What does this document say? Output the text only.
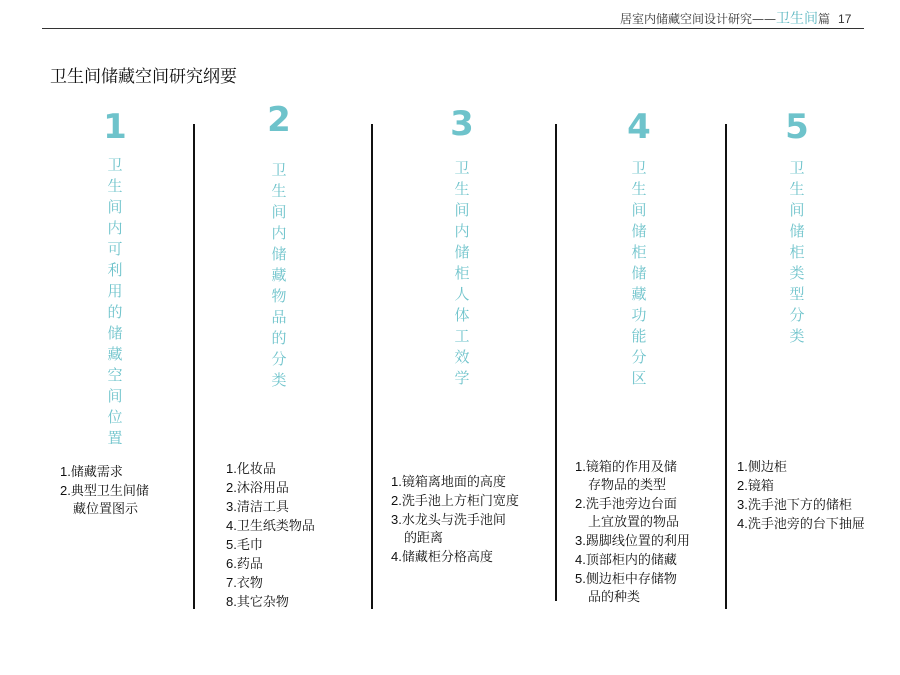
居室内储藏空间设计研究——卫生间篇 17
卫生间储藏空间研究纲要
1
卫
生
间
内
可
利
用
的
储
藏
空
间
位
置
1.储藏需求
2.典型卫生间储
藏位置图示
2
卫
生
间
内
储
藏
物
品
的
分
类
1.化妆品
2.沐浴用品
3.清洁工具
4.卫生纸类物品
5.毛巾
6.药品
7.衣物
8.其它杂物
3
卫
生
间
内
储
柜
人
体
工
效
学
1.镜箱离地面的高度
2.洗手池上方柜门宽度
3.水龙头与洗手池间
的距离
4.储藏柜分格高度
4
卫
生
间
储
柜
储
藏
功
能
分
区
1.镜箱的作用及储
存物品的类型
2.洗手池旁边台面
上宜放置的物品
3.踢脚线位置的利用
4.顶部柜内的储藏
5.侧边柜中存储物
品的种类
5
卫
生
间
储
柜
类
型
分
类
1.侧边柜
2.镜箱
3.洗手池下方的储柜
4.洗手池旁的台下抽屉
